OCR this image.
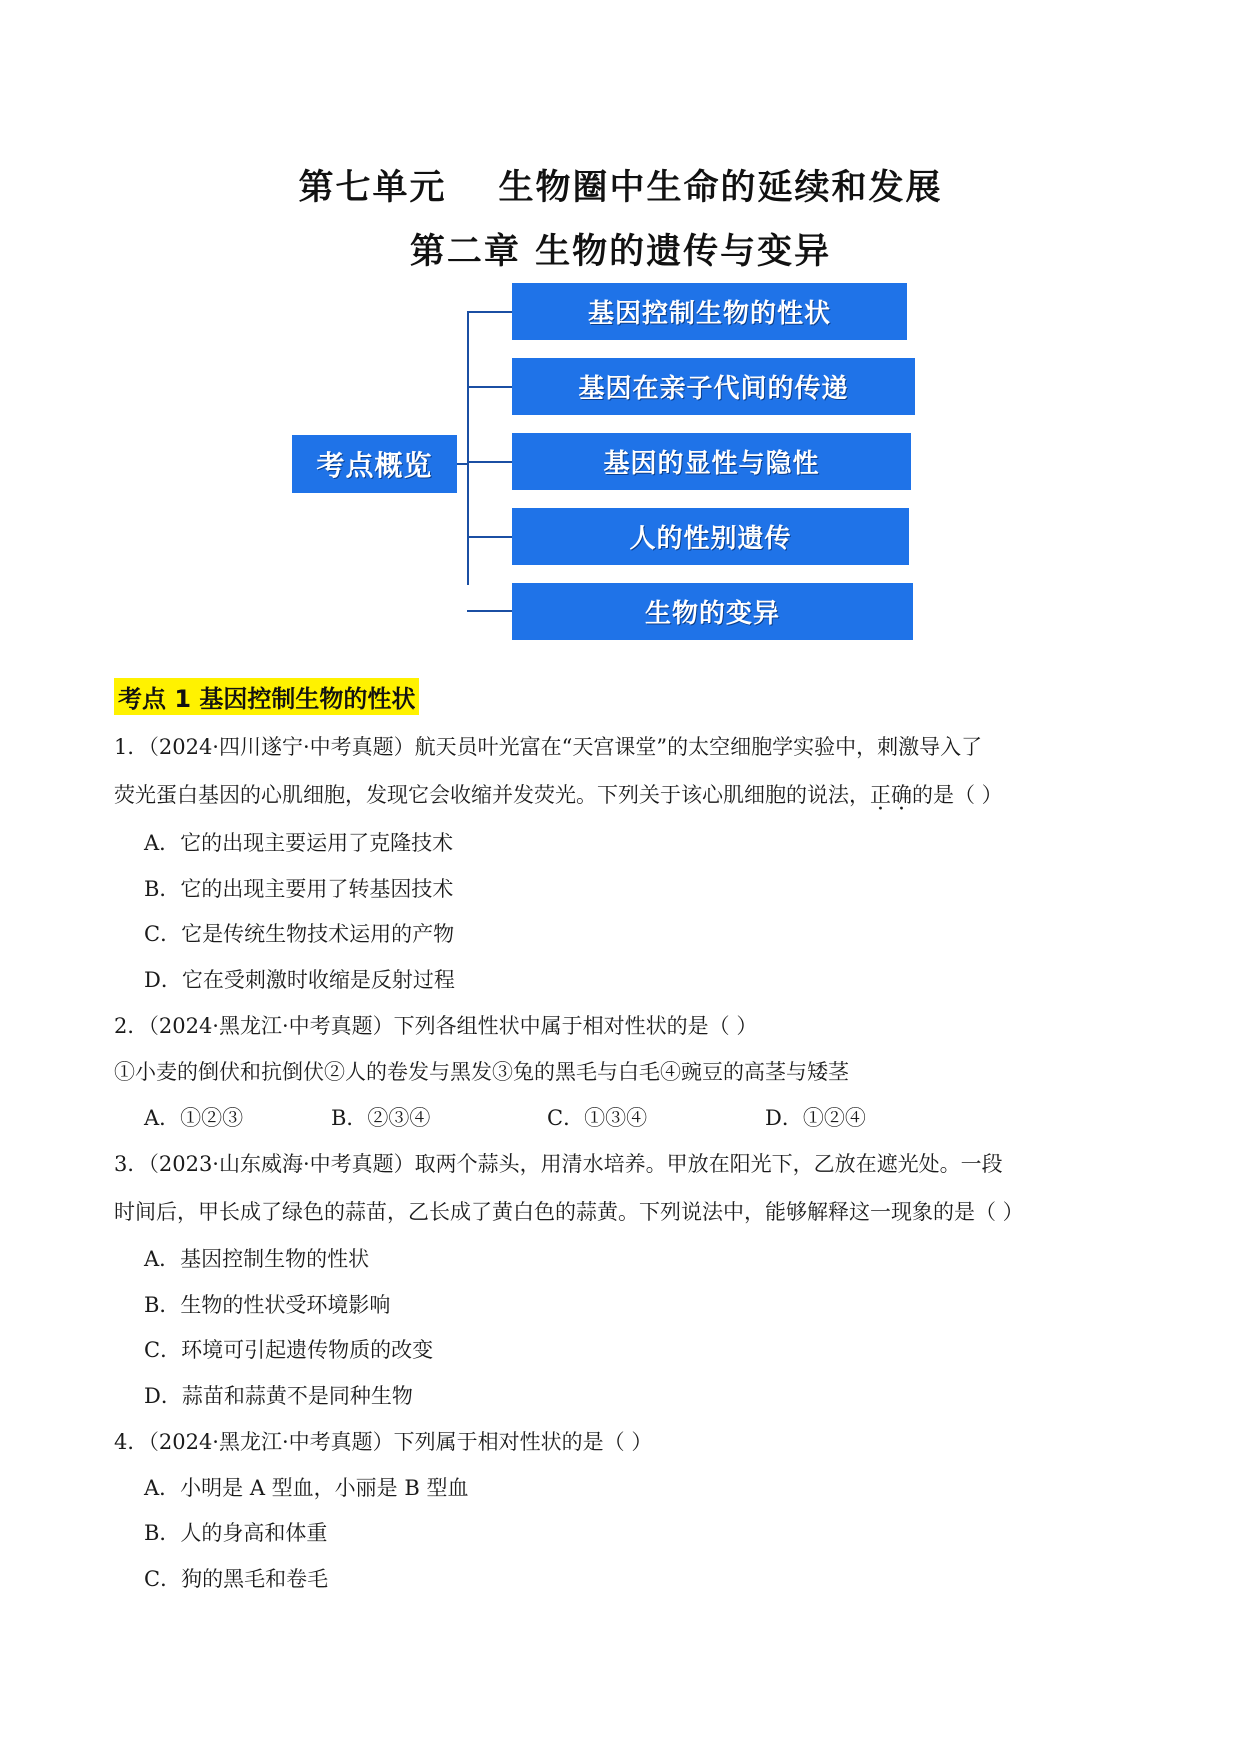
第七单元 生物圈中生命的延续和发展
第二章 生物的遗传与变异
考点概览
基因控制生物的性状
基因在亲子代间的传递
基因的显性与隐性
人的性别遗传
生物的变异
考点 1 基因控制生物的性状
1．（2024·四川遂宁·中考真题）航天员叶光富在“天宫课堂”的太空细胞学实验中，刺激导入了
荧光蛋白基因的心肌细胞，发现它会收缩并发荧光。下列关于该心肌细胞的说法，正确的是（ ）
A．它的出现主要运用了克隆技术
B．它的出现主要用了转基因技术
C．它是传统生物技术运用的产物
D．它在受刺激时收缩是反射过程
2．（2024·黑龙江·中考真题）下列各组性状中属于相对性状的是（ ）
①小麦的倒伏和抗倒伏②人的卷发与黑发③兔的黑毛与白毛④豌豆的高茎与矮茎
A．①②③	B．②③④	C．①③④	D．①②④
3．（2023·山东威海·中考真题）取两个蒜头，用清水培养。甲放在阳光下，乙放在遮光处。一段
时间后，甲长成了绿色的蒜苗，乙长成了黄白色的蒜黄。下列说法中，能够解释这一现象的是（ ）
A．基因控制生物的性状
B．生物的性状受环境影响
C．环境可引起遗传物质的改变
D．蒜苗和蒜黄不是同种生物
4．（2024·黑龙江·中考真题）下列属于相对性状的是（ ）
A．小明是 A 型血，小丽是 B 型血
B．人的身高和体重
C．狗的黑毛和卷毛
